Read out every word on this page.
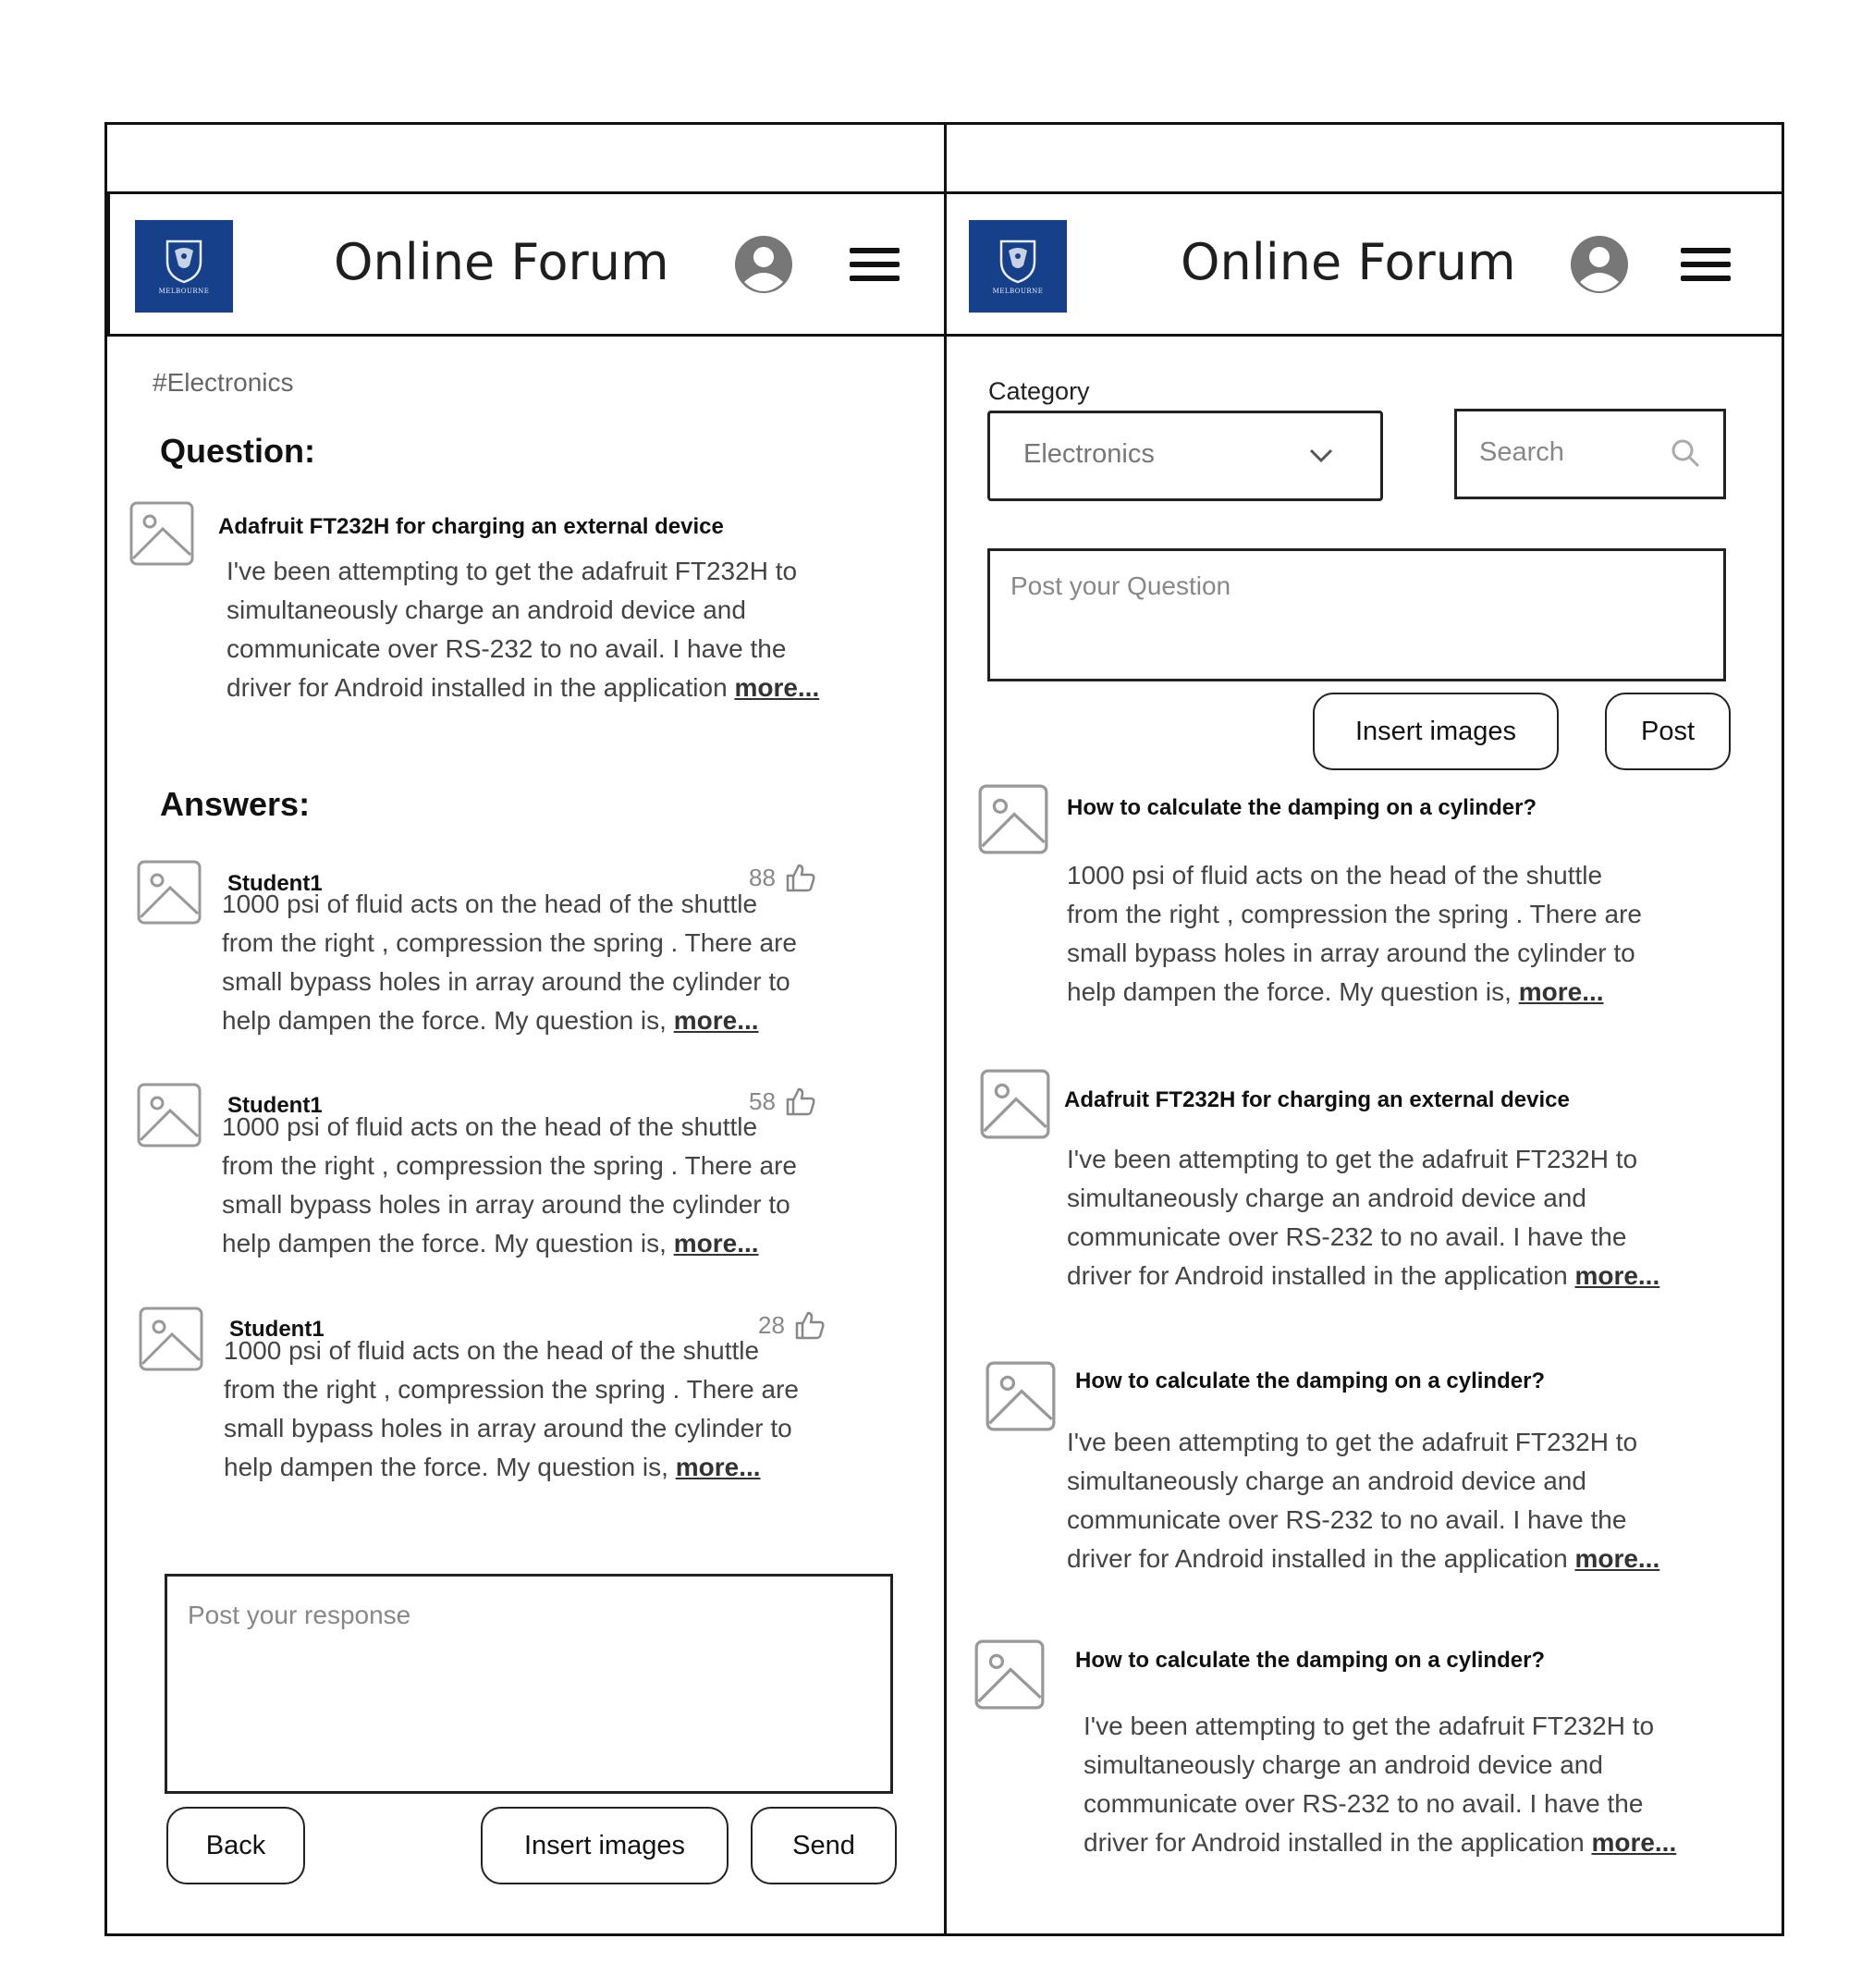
MELBOURNE Online Forum
#Electronics
Question:
Adafruit FT232H for charging an external device
I've been attempting to get the adafruit FT232H to
simultaneously charge an android device and
communicate over RS-232 to no avail. I have the
driver for Android installed in the application more...
Answers:
Student1	88
1000 psi of fluid acts on the head of the shuttle
from the right , compression the spring . There are
small bypass holes in array around the cylinder to
help dampen the force. My question is, more...
Student1	58
1000 psi of fluid acts on the head of the shuttle
from the right , compression the spring . There are
small bypass holes in array around the cylinder to
help dampen the force. My question is, more...
Student1	28
1000 psi of fluid acts on the head of the shuttle
from the right , compression the spring . There are
small bypass holes in array around the cylinder to
help dampen the force. My question is, more...
Post your response
Back	Insert images	Send
MELBOURNE	Online Forum
Category
Electronics	Search
Post your Question
Insert images	Post
How to calculate the damping on a cylinder?
1000 psi of fluid acts on the head of the shuttle
from the right , compression the spring . There are
small bypass holes in array around the cylinder to
help dampen the force. My question is, more...
Adafruit FT232H for charging an external device
I've been attempting to get the adafruit FT232H to
simultaneously charge an android device and
communicate over RS-232 to no avail. I have the
driver for Android installed in the application more...
How to calculate the damping on a cylinder?
I've been attempting to get the adafruit FT232H to
simultaneously charge an android device and
communicate over RS-232 to no avail. I have the
driver for Android installed in the application more...
How to calculate the damping on a cylinder?
I've been attempting to get the adafruit FT232H to
simultaneously charge an android device and
communicate over RS-232 to no avail. I have the
driver for Android installed in the application more...
